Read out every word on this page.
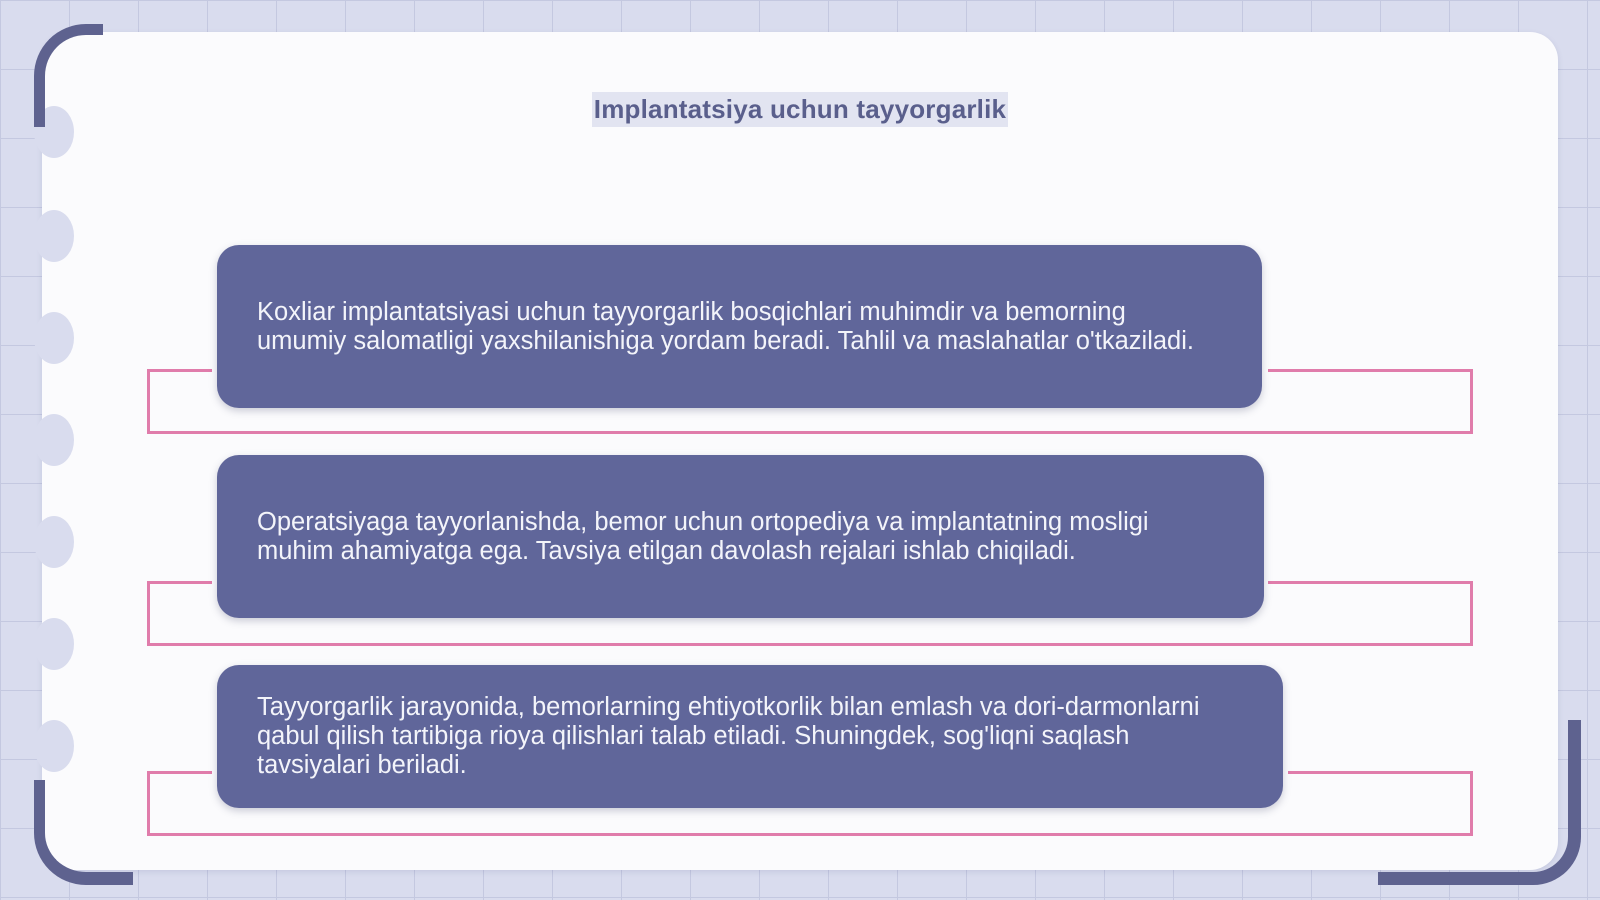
Implantatsiya uchun tayyorgarlik

Koxliar implantatsiyasi uchun tayyorgarlik bosqichlari muhimdir va bemorning umumiy salomatligi yaxshilanishiga yordam beradi. Tahlil va maslahatlar o'tkaziladi.

Operatsiyaga tayyorlanishda, bemor uchun ortopediya va implantatning mosligi muhim ahamiyatga ega. Tavsiya etilgan davolash rejalari ishlab chiqiladi.

Tayyorgarlik jarayonida, bemorlarning ehtiyotkorlik bilan emlash va dori-darmonlarni qabul qilish tartibiga rioya qilishlari talab etiladi. Shuningdek, sog'liqni saqlash tavsiyalari beriladi.
